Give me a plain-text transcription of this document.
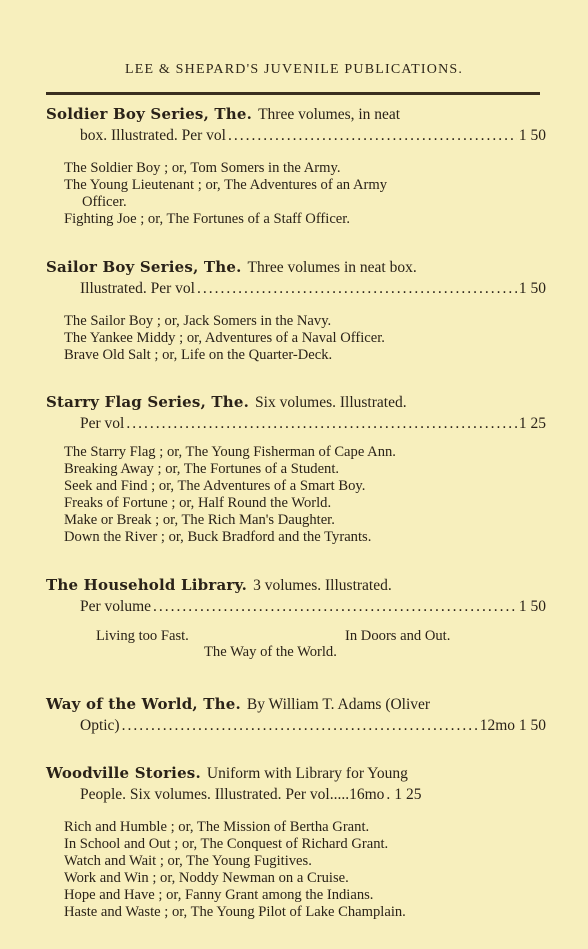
LEE & SHEPARD'S JUVENILE PUBLICATIONS.
Soldier Boy Series, The. Three volumes, in neat
box. Illustrated. Per vol .....	1 50
The Soldier Boy ; or, Tom Somers in the Army.
The Young Lieutenant ; or, The Adventures of an Army
Officer.
Fighting Joe ; or, The Fortunes of a Staff Officer.
Sailor Boy Series, The. Three volumes in neat box.
Illustrated. Per vol .....	1 50
The Sailor Boy ; or, Jack Somers in the Navy.
The Yankee Middy ; or, Adventures of a Naval Officer.
Brave Old Salt ; or, Life on the Quarter-Deck.
Starry Flag Series, The. Six volumes. Illustrated.
Per vol .....	1 25
The Starry Flag ; or, The Young Fisherman of Cape Ann.
Breaking Away ; or, The Fortunes of a Student.
Seek and Find ; or, The Adventures of a Smart Boy.
Freaks of Fortune ; or, Half Round the World.
Make or Break ; or, The Rich Man's Daughter.
Down the River ; or, Buck Bradford and the Tyrants.
The Household Library. 3 volumes. Illustrated.
Per volume .....	1 50
Living too Fast.	In Doors and Out.
The Way of the World.
Way of the World, The. By William T. Adams (Oliver
Optic) .....	12mo 1 50
Woodville Stories. Uniform with Library for Young
People. Six volumes. Illustrated. Per vol.....16mo ..... 1 25
Rich and Humble ; or, The Mission of Bertha Grant.
In School and Out ; or, The Conquest of Richard Grant.
Watch and Wait ; or, The Young Fugitives.
Work and Win ; or, Noddy Newman on a Cruise.
Hope and Have ; or, Fanny Grant among the Indians.
Haste and Waste ; or, The Young Pilot of Lake Champlain.
